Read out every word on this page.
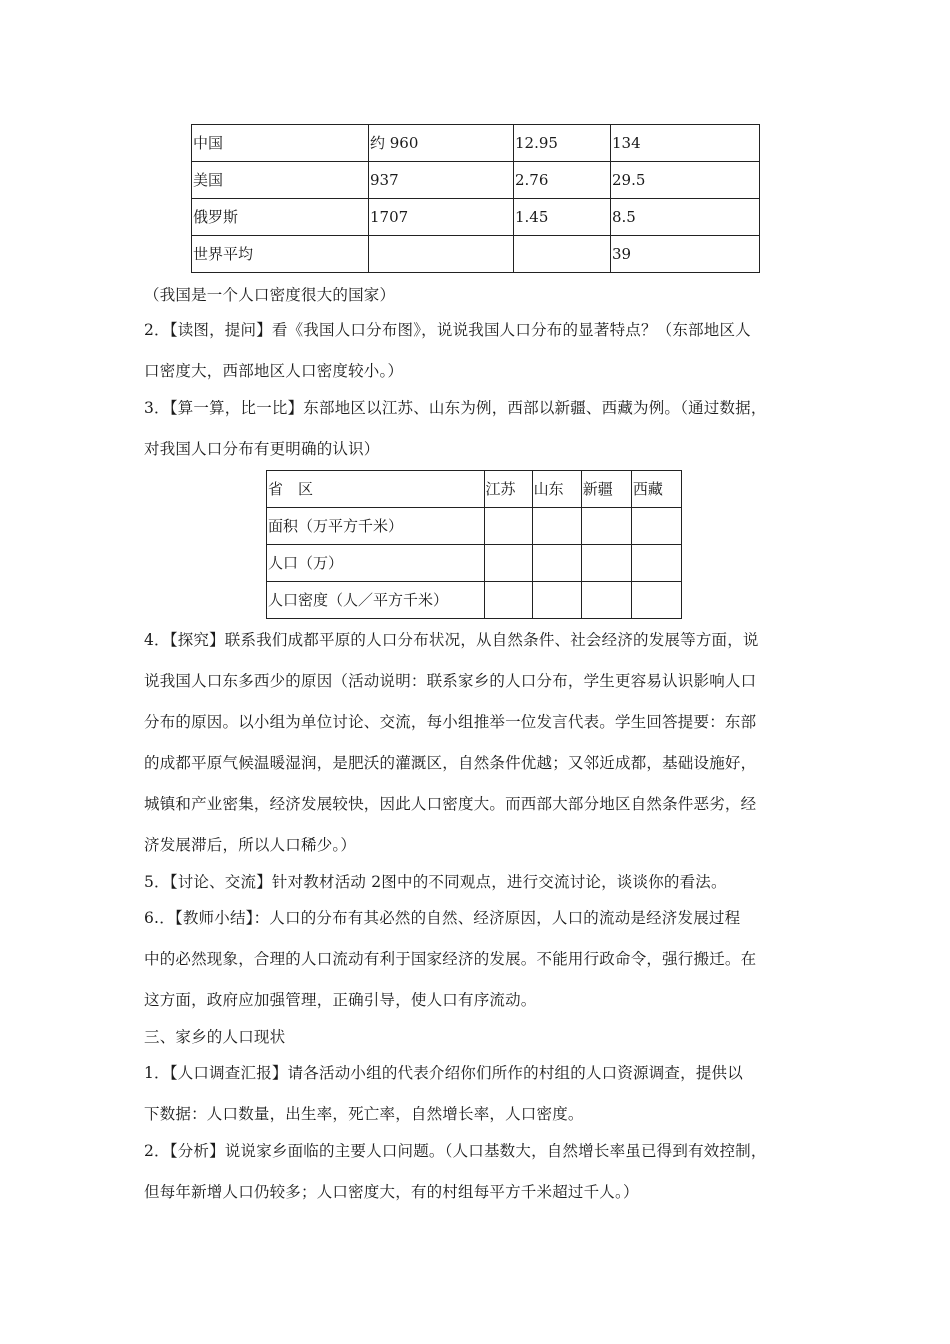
中国	约 960	12.95	134
美国	937	2.76	29.5
俄罗斯	1707	1.45	8.5
世界平均			39
（我国是一个人口密度很大的国家）
2．【读图，提问】看《我国人口分布图》，说说我国人口分布的显著特点？（东部地区人
口密度大，西部地区人口密度较小。）
3．【算一算，比一比】东部地区以江苏、山东为例，西部以新疆、西藏为例。（通过数据，
对我国人口分布有更明确的认识）
省　区	江苏	山东	新疆	西藏
面积（万平方千米）				
人口（万）				
人口密度（人／平方千米）				
4．【探究】联系我们成都平原的人口分布状况，从自然条件、社会经济的发展等方面，说
说我国人口东多西少的原因（活动说明：联系家乡的人口分布，学生更容易认识影响人口
分布的原因。以小组为单位讨论、交流，每小组推举一位发言代表。学生回答提要：东部
的成都平原气候温暖湿润，是肥沃的灌溉区，自然条件优越；又邻近成都，基础设施好，
城镇和产业密集，经济发展较快，因此人口密度大。而西部大部分地区自然条件恶劣，经
济发展滞后，所以人口稀少。）
5．【讨论、交流】针对教材活动 2图中的不同观点，进行交流讨论，谈谈你的看法。
6.．【教师小结】：人口的分布有其必然的自然、经济原因，人口的流动是经济发展过程
中的必然现象，合理的人口流动有利于国家经济的发展。不能用行政命令，强行搬迁。在
这方面，政府应加强管理，正确引导，使人口有序流动。
三、家乡的人口现状
1．【人口调查汇报】请各活动小组的代表介绍你们所作的村组的人口资源调查，提供以
下数据：人口数量，出生率，死亡率，自然增长率，人口密度。
2．【分析】说说家乡面临的主要人口问题。（人口基数大，自然增长率虽已得到有效控制，
但每年新增人口仍较多；人口密度大，有的村组每平方千米超过千人。）
